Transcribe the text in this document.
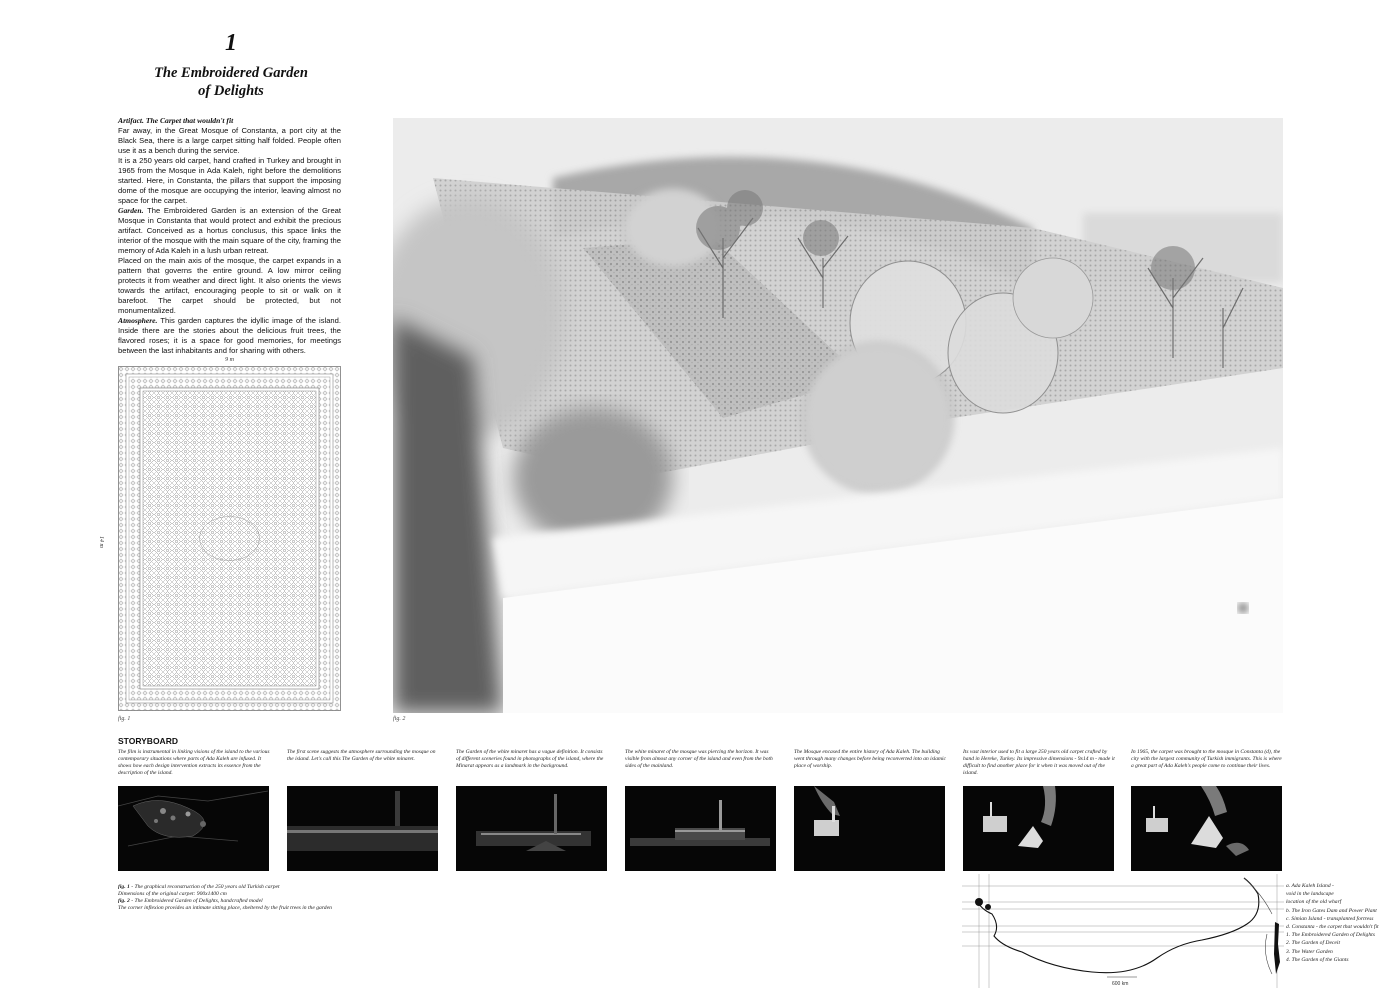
1
The Embroidered Garden
of Delights

Artifact. The Carpet that wouldn't fit

Far away, in the Great Mosque of Constanta, a port city at the Black Sea, there is a large carpet sitting half folded. People often use it as a bench during the service.

It is a 250 years old carpet, hand crafted in Turkey and brought in 1965 from the Mosque in Ada Kaleh, right before the demolitions started. Here, in Constanta, the pillars that support the imposing dome of the mosque are occupying the interior, leaving almost no space for the carpet.

Garden. The Embroidered Garden is an extension of the Great Mosque in Constanta that would protect and exhibit the precious artifact. Conceived as a hortus conclusus, this space links the interior of the mosque with the main square of the city, framing the memory of Ada Kaleh in a lush urban retreat.

Placed on the main axis of the mosque, the carpet expands in a pattern that governs the entire ground. A low mirror ceiling protects it from weather and direct light. It also orients the views towards the artifact, encouraging people to sit or walk on it barefoot. The carpet should be protected, but not monumentalized.

Atmosphere. This garden captures the idyllic image of the island. Inside there are the stories about the delicious fruit trees, the flavored roses; it is a space for good memories, for meetings between the last inhabitants and for sharing with others.

9 m
14 m
fig. 1	fig. 2
STORYBOARD
The film is instrumental in linking visions of the island to the various contemporary situations where parts of Ada Kaleh are infused. It shows how each design intervention extracts its essence from the description of the island.
The first scene suggests the atmosphere surrounding the mosque on the island. Let's call this The Garden of the white minaret.
The Garden of the white minaret has a vague definition. It consists of different sceneries found in photographs of the island, where the Minarat appears as a landmark in the background.
The white minaret of the mosque was piercing the horizon. It was visible from almost any corner of the island and even from the both sides of the mainland.
The Mosque encased the entire history of Ada Kaleh. The building went through many changes before being reconverted into an islamic place of worship.
Its vast interior used to fit a large 250 years old carpet crafted by hand in Hereke, Turkey. Its impressive dimensions - 9x14 m - made it difficult to find another place for it when it was moved out of the island.
In 1965, the carpet was brought to the mosque in Constanta (d), the city with the largest community of Turkish immigrants. This is where a great part of Ada Kaleh's people come to continue their lives.
fig. 1 - The graphical reconstruction of the 250 years old Turkish carpet
Dimensions of the original carpet: 900x1400 cm
fig. 2 - The Embroidered Garden of Delights, handcrafted model
The corner inflexion provides an intimate sitting place, sheltered by the fruit trees in the garden
600 km
a. Ada Kaleh Island -
void in the landscape
location of the old wharf
b. The Iron Gates Dam and Power Plant
c. Simian Island - transplanted fortress
d. Constanta - the carpet that wouldn't fit
1. The Embroidered Garden of Delights
2. The Garden of Deceit
3. The Water Garden
4. The Garden of the Giants
